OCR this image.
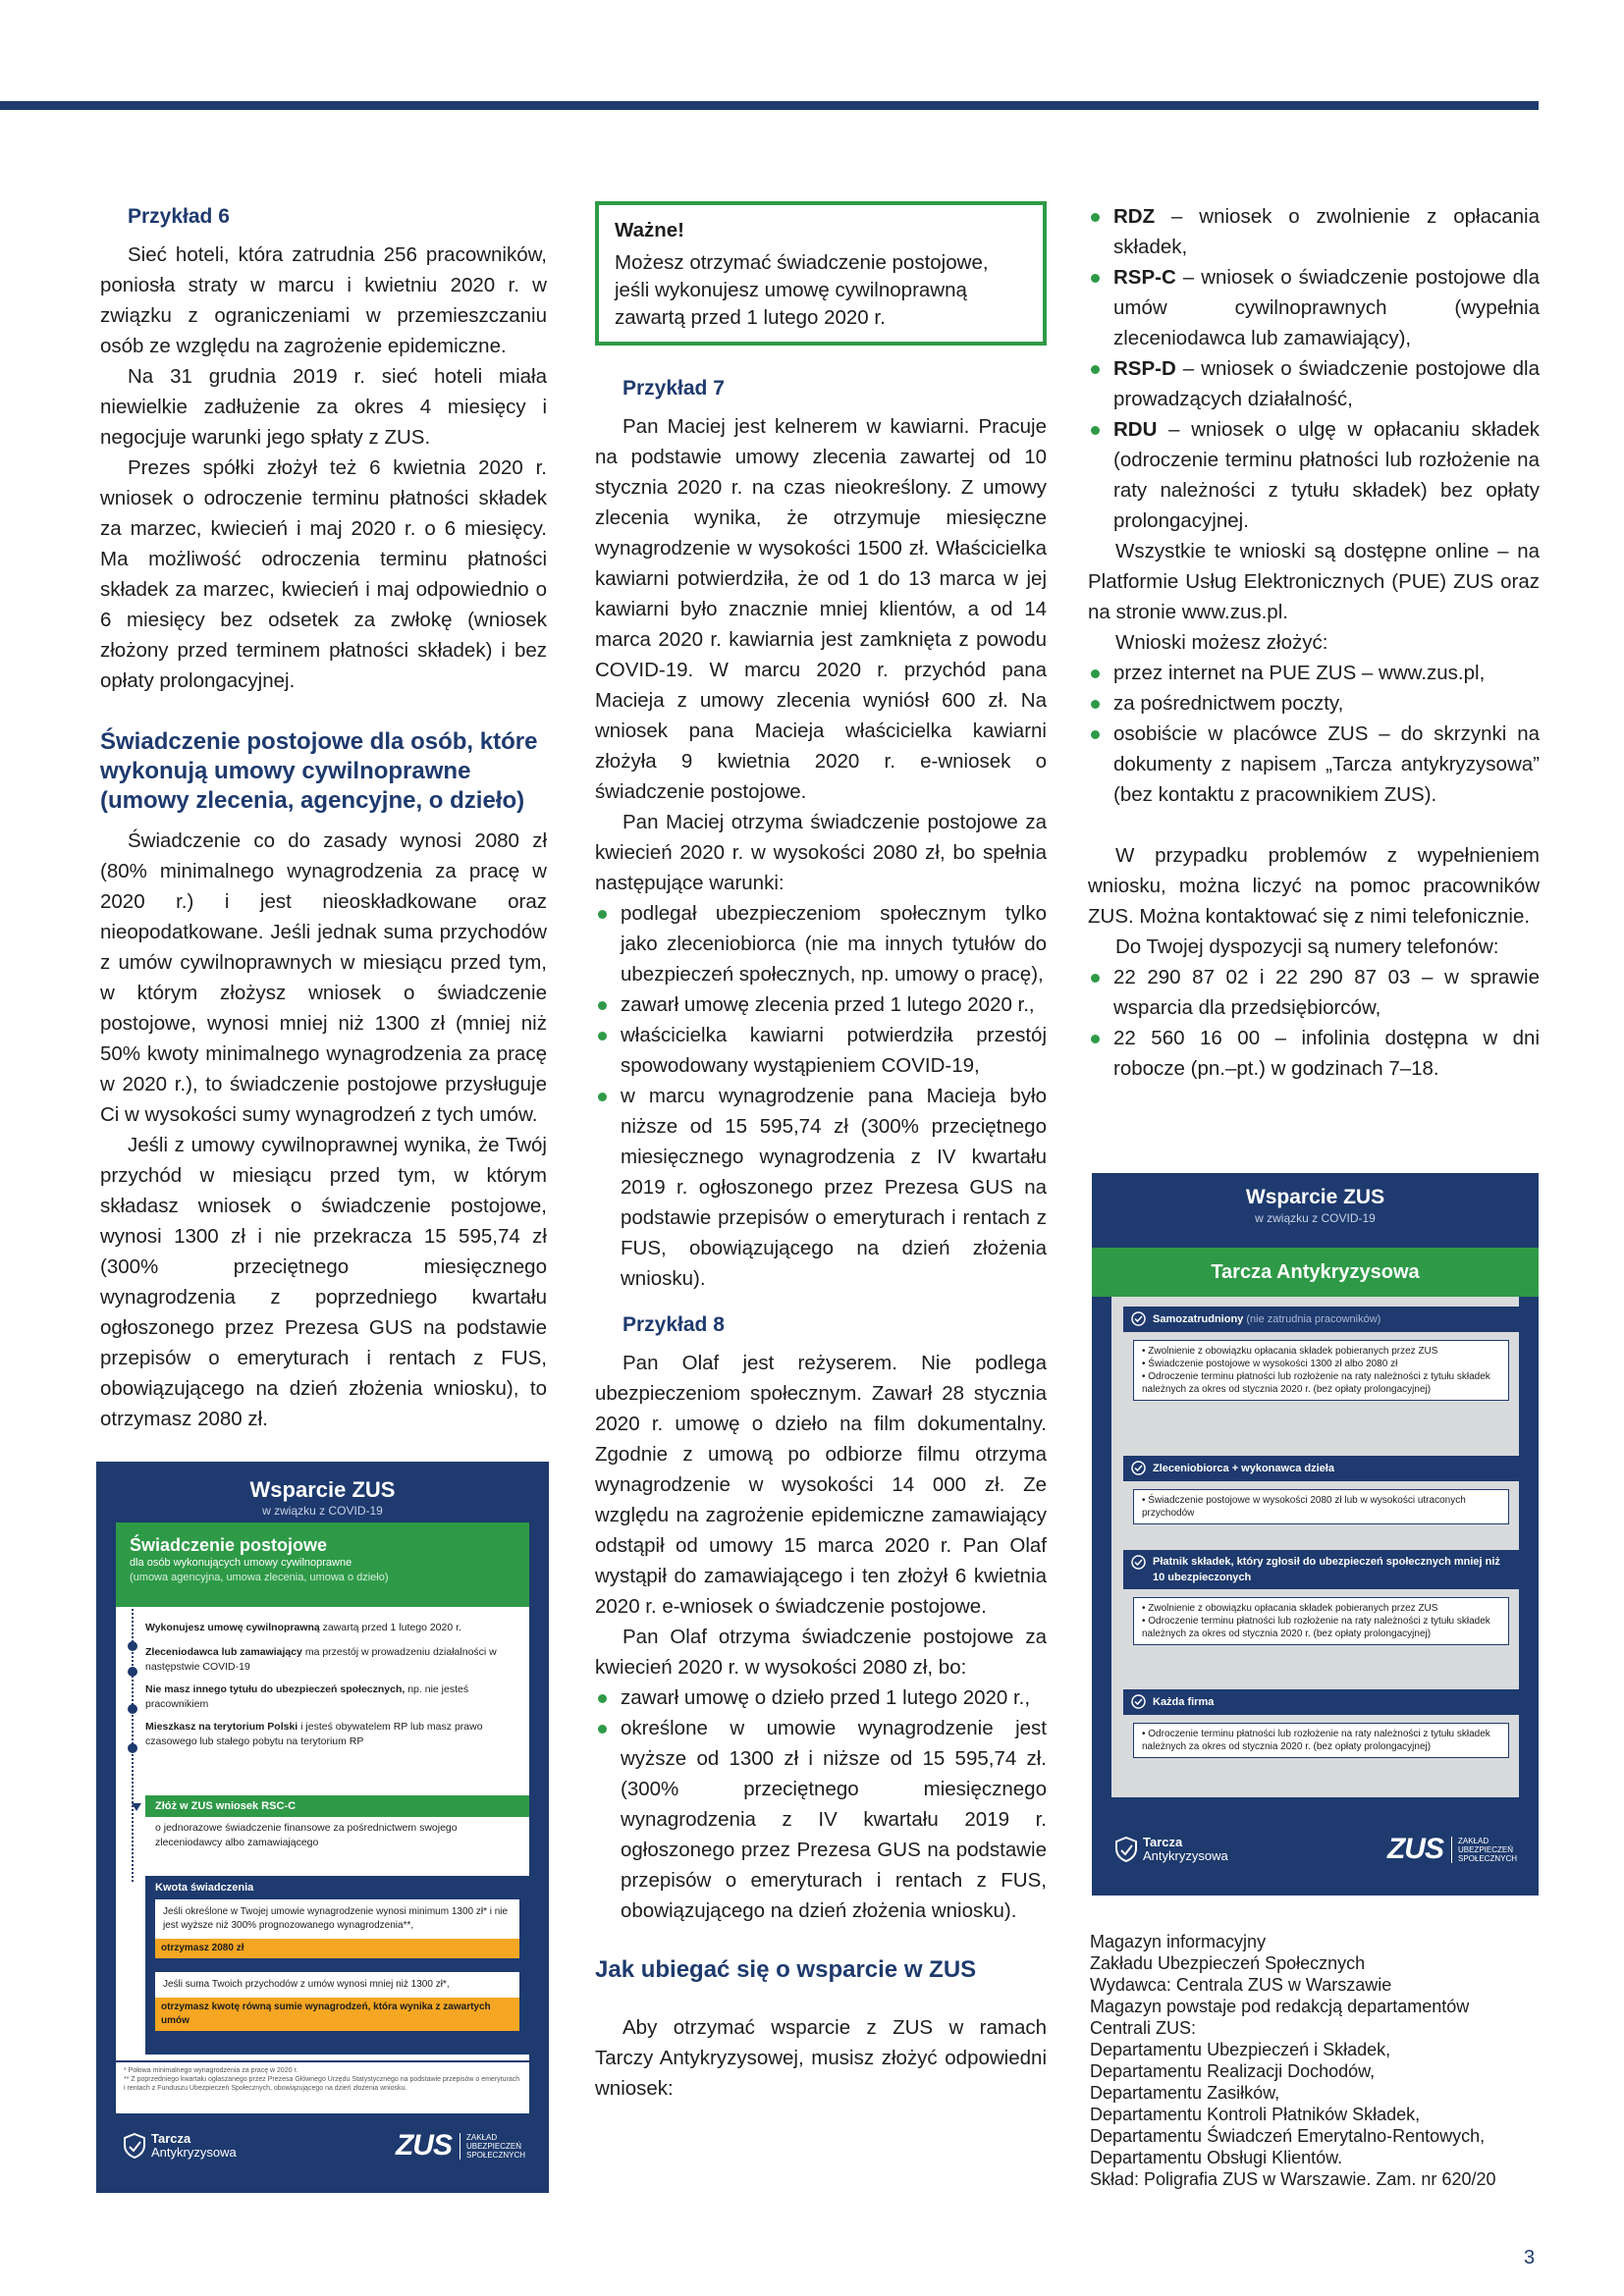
Przykład 6

Sieć hoteli, która zatrudnia 256 pracowników, poniosła straty w marcu i kwietniu 2020 r. w związku z ograniczeniami w przemieszczaniu osób ze względu na zagrożenie epidemiczne.

Na 31 grudnia 2019 r. sieć hoteli miała niewielkie zadłużenie za okres 4 miesięcy i negocjuje warunki jego spłaty z ZUS.

Prezes spółki złożył też 6 kwietnia 2020 r. wniosek o odroczenie terminu płatności składek za marzec, kwiecień i maj 2020 r. o 6 miesięcy. Ma możliwość odroczenia terminu płatności składek za marzec, kwiecień i maj odpowiednio o 6 miesięcy bez odsetek za zwłokę (wniosek złożony przed terminem płatności składek) i bez opłaty prolongacyjnej.

Świadczenie postojowe dla osób, które wykonują umowy cywilnoprawne (umowy zlecenia, agencyjne, o dzieło)

Świadczenie co do zasady wynosi 2080 zł (80% minimalnego wynagrodzenia za pracę w 2020 r.) i jest nieoskładkowane oraz nieopodatkowane. Jeśli jednak suma przychodów z umów cywilnoprawnych w miesiącu przed tym, w którym złożysz wniosek o świadczenie postojowe, wynosi mniej niż 1300 zł (mniej niż 50% kwoty minimalnego wynagrodzenia za pracę w 2020 r.), to świadczenie postojowe przysługuje Ci w wysokości sumy wynagrodzeń z tych umów.

Jeśli z umowy cywilnoprawnej wynika, że Twój przychód w miesiącu przed tym, w którym składasz wniosek o świadczenie postojowe, wynosi 1300 zł i nie przekracza 15 595,74 zł (300% przeciętnego miesięcznego wynagrodzenia z poprzedniego kwartału ogłoszonego przez Prezesa GUS na podstawie przepisów o emeryturach i rentach z FUS, obowiązującego na dzień złożenia wniosku), to otrzymasz 2080 zł.

Ważne!

Możesz otrzymać świadczenie postojowe, jeśli wykonujesz umowę cywilnoprawną zawartą przed 1 lutego 2020 r.

Przykład 7

Pan Maciej jest kelnerem w kawiarni. Pracuje na podstawie umowy zlecenia zawartej od 10 stycznia 2020 r. na czas nieokreślony. Z umowy zlecenia wynika, że otrzymuje miesięczne wynagrodzenie w wysokości 1500 zł. Właścicielka kawiarni potwierdziła, że od 1 do 13 marca w jej kawiarni było znacznie mniej klientów, a od 14 marca 2020 r. kawiarnia jest zamknięta z powodu COVID-19. W marcu 2020 r. przychód pana Macieja z umowy zlecenia wyniósł 600 zł. Na wniosek pana Macieja właścicielka kawiarni złożyła 9 kwietnia 2020 r. e-wniosek o świadczenie postojowe.

Pan Maciej otrzyma świadczenie postojowe za kwiecień 2020 r. w wysokości 2080 zł, bo spełnia następujące warunki:

podlegał ubezpieczeniom społecznym tylko jako zleceniobiorca (nie ma innych tytułów do ubezpieczeń społecznych, np. umowy o pracę),
zawarł umowę zlecenia przed 1 lutego 2020 r.,
właścicielka kawiarni potwierdziła przestój spowodowany wystąpieniem COVID-19,
w marcu wynagrodzenie pana Macieja było niższe od 15 595,74 zł (300% przeciętnego miesięcznego wynagrodzenia z IV kwartału 2019 r. ogłoszonego przez Prezesa GUS na podstawie przepisów o emeryturach i rentach z FUS, obowiązującego na dzień złożenia wniosku).
Przykład 8

Pan Olaf jest reżyserem. Nie podlega ubezpieczeniom społecznym. Zawarł 28 stycznia 2020 r. umowę o dzieło na film dokumentalny. Zgodnie z umową po odbiorze filmu otrzyma wynagrodzenie w wysokości 14 000 zł. Ze względu na zagrożenie epidemiczne zamawiający odstąpił od umowy 15 marca 2020 r. Pan Olaf wystąpił do zamawiającego i ten złożył 6 kwietnia 2020 r. e-wniosek o świadczenie postojowe.

Pan Olaf otrzyma świadczenie postojowe za kwiecień 2020 r. w wysokości 2080 zł, bo:

zawarł umowę o dzieło przed 1 lutego 2020 r.,
określone w umowie wynagrodzenie jest wyższe od 1300 zł i niższe od 15 595,74 zł. (300% przeciętnego miesięcznego wynagrodzenia z IV kwartału 2019 r. ogłoszonego przez Prezesa GUS na podstawie przepisów o emeryturach i rentach z FUS, obowiązującego na dzień złożenia wniosku).
Jak ubiegać się o wsparcie w ZUS

Aby otrzymać wsparcie z ZUS w ramach Tarczy Antykryzysowej, musisz złożyć odpowiedni wniosek:

RDZ – wniosek o zwolnienie z opłacania składek,
RSP-C – wniosek o świadczenie postojowe dla umów cywilnoprawnych (wypełnia zleceniodawca lub zamawiający),
RSP-D – wniosek o świadczenie postojowe dla prowadzących działalność,
RDU – wniosek o ulgę w opłacaniu składek (odroczenie terminu płatności lub rozłożenie na raty należności z tytułu składek) bez opłaty prolongacyjnej.

Wszystkie te wnioski są dostępne online – na Platformie Usług Elektronicznych (PUE) ZUS oraz na stronie www.zus.pl.

Wnioski możesz złożyć:

przez internet na PUE ZUS – www.zus.pl,
za pośrednictwem poczty,
osobiście w placówce ZUS – do skrzynki na dokumenty z napisem „Tarcza antykryzysowa” (bez kontaktu z pracownikiem ZUS).

W przypadku problemów z wypełnieniem wniosku, można liczyć na pomoc pracowników ZUS. Można kontaktować się z nimi telefonicznie.

Do Twojej dyspozycji są numery telefonów:

22 290 87 02 i 22 290 87 03 – w sprawie wsparcia dla przedsiębiorców,
22 560 16 00 – infolinia dostępna w dni robocze (pn.–pt.) w godzinach 7–18.
Wsparcie ZUS
w związku z COVID-19
Świadczenie postojowe
dla osób wykonujących umowy cywilnoprawne
(umowa agencyjna, umowa zlecenia, umowa o dzieło)
Wykonujesz umowę cywilnoprawną zawartą przed 1 lutego 2020 r.
Zleceniodawca lub zamawiający ma przestój w prowadzeniu działalności w następstwie COVID-19
Nie masz innego tytułu do ubezpieczeń społecznych, np. nie jesteś pracownikiem
Mieszkasz na terytorium Polski i jesteś obywatelem RP lub masz prawo czasowego lub stałego pobytu na terytorium RP
Złóż w ZUS wniosek RSC-C
o jednorazowe świadczenie finansowe za pośrednictwem swojego zleceniodawcy albo zamawiającego
Kwota świadczenia
Jeśli określone w Twojej umowie wynagrodzenie wynosi minimum 1300 zł* i nie jest wyższe niż 300% prognozowanego wynagrodzenia**,
otrzymasz 2080 zł
Jeśli suma Twoich przychodów z umów wynosi mniej niż 1300 zł*,
otrzymasz kwotę równą sumie wynagrodzeń, która wynika z zawartych umów
* Połowa minimalnego wynagrodzenia za pracę w 2020 r.
** Z poprzedniego kwartału ogłaszanego przez Prezesa Głównego Urzędu Statystycznego na podstawie przepisów o emeryturach i rentach z Funduszu Ubezpieczeń Społecznych, obowiązującego na dzień złożenia wniosku.
Tarcza
Antykryzysowa	ZUS	ZAKŁAD
UBEZPIECZEŃ
SPOŁECZNYCH
Wsparcie ZUS
w związku z COVID-19
Tarcza Antykryzysowa
Samozatrudniony (nie zatrudnia pracowników)
• Zwolnienie z obowiązku opłacania składek pobieranych przez ZUS
• Świadczenie postojowe w wysokości 1300 zł albo 2080 zł
• Odroczenie terminu płatności lub rozłożenie na raty należności z tytułu składek należnych za okres od stycznia 2020 r. (bez opłaty prolongacyjnej)
Zleceniobiorca + wykonawca dzieła
• Świadczenie postojowe w wysokości 2080 zł lub w wysokości utraconych przychodów
Płatnik składek, który zgłosił do ubezpieczeń społecznych mniej niż 10 ubezpieczonych
• Zwolnienie z obowiązku opłacania składek pobieranych przez ZUS
• Odroczenie terminu płatności lub rozłożenie na raty należności z tytułu składek należnych za okres od stycznia 2020 r. (bez opłaty prolongacyjnej)
Każda firma
• Odroczenie terminu płatności lub rozłożenie na raty należności z tytułu składek należnych za okres od stycznia 2020 r. (bez opłaty prolongacyjnej)
Tarcza
Antykryzysowa	ZUS	ZAKŁAD
UBEZPIECZEŃ
SPOŁECZNYCH
Magazyn informacyjny
Zakładu Ubezpieczeń Społecznych
Wydawca: Centrala ZUS w Warszawie
Magazyn powstaje pod redakcją departamentów
Centrali ZUS:
Departamentu Ubezpieczeń i Składek,
Departamentu Realizacji Dochodów,
Departamentu Zasiłków,
Departamentu Kontroli Płatników Składek,
Departamentu Świadczeń Emerytalno-Rentowych,
Departamentu Obsługi Klientów.
Skład: Poligrafia ZUS w Warszawie. Zam. nr 620/20
3
